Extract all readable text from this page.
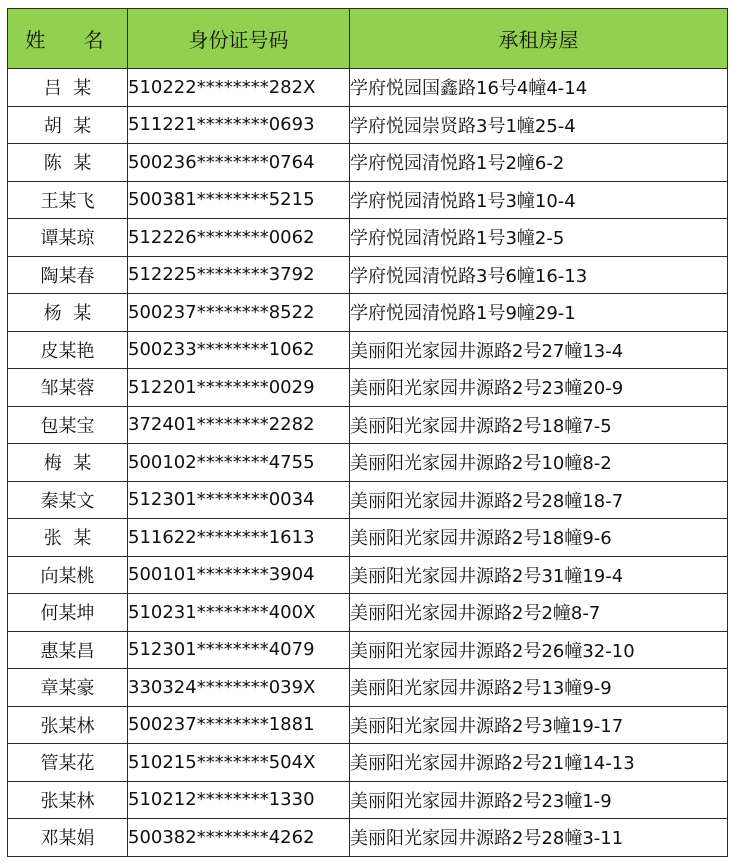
姓 名	身份证号码	承租房屋
吕  某	510222********282X	学府悦园国鑫路16号4幢4-14
胡  某	511221********0693	学府悦园崇贤路3号1幢25-4
陈  某	500236********0764	学府悦园清悦路1号2幢6-2
王某飞	500381********5215	学府悦园清悦路1号3幢10-4
谭某琼	512226********0062	学府悦园清悦路1号3幢2-5
陶某春	512225********3792	学府悦园清悦路3号6幢16-13
杨  某	500237********8522	学府悦园清悦路1号9幢29-1
皮某艳	500233********1062	美丽阳光家园井源路2号27幢13-4
邹某蓉	512201********0029	美丽阳光家园井源路2号23幢20-9
包某宝	372401********2282	美丽阳光家园井源路2号18幢7-5
梅  某	500102********4755	美丽阳光家园井源路2号10幢8-2
秦某文	512301********0034	美丽阳光家园井源路2号28幢18-7
张  某	511622********1613	美丽阳光家园井源路2号18幢9-6
向某桃	500101********3904	美丽阳光家园井源路2号31幢19-4
何某坤	510231********400X	美丽阳光家园井源路2号2幢8-7
惠某昌	512301********4079	美丽阳光家园井源路2号26幢32-10
章某豪	330324********039X	美丽阳光家园井源路2号13幢9-9
张某林	500237********1881	美丽阳光家园井源路2号3幢19-17
管某花	510215********504X	美丽阳光家园井源路2号21幢14-13
张某林	510212********1330	美丽阳光家园井源路2号23幢1-9
邓某娟	500382********4262	美丽阳光家园井源路2号28幢3-11
